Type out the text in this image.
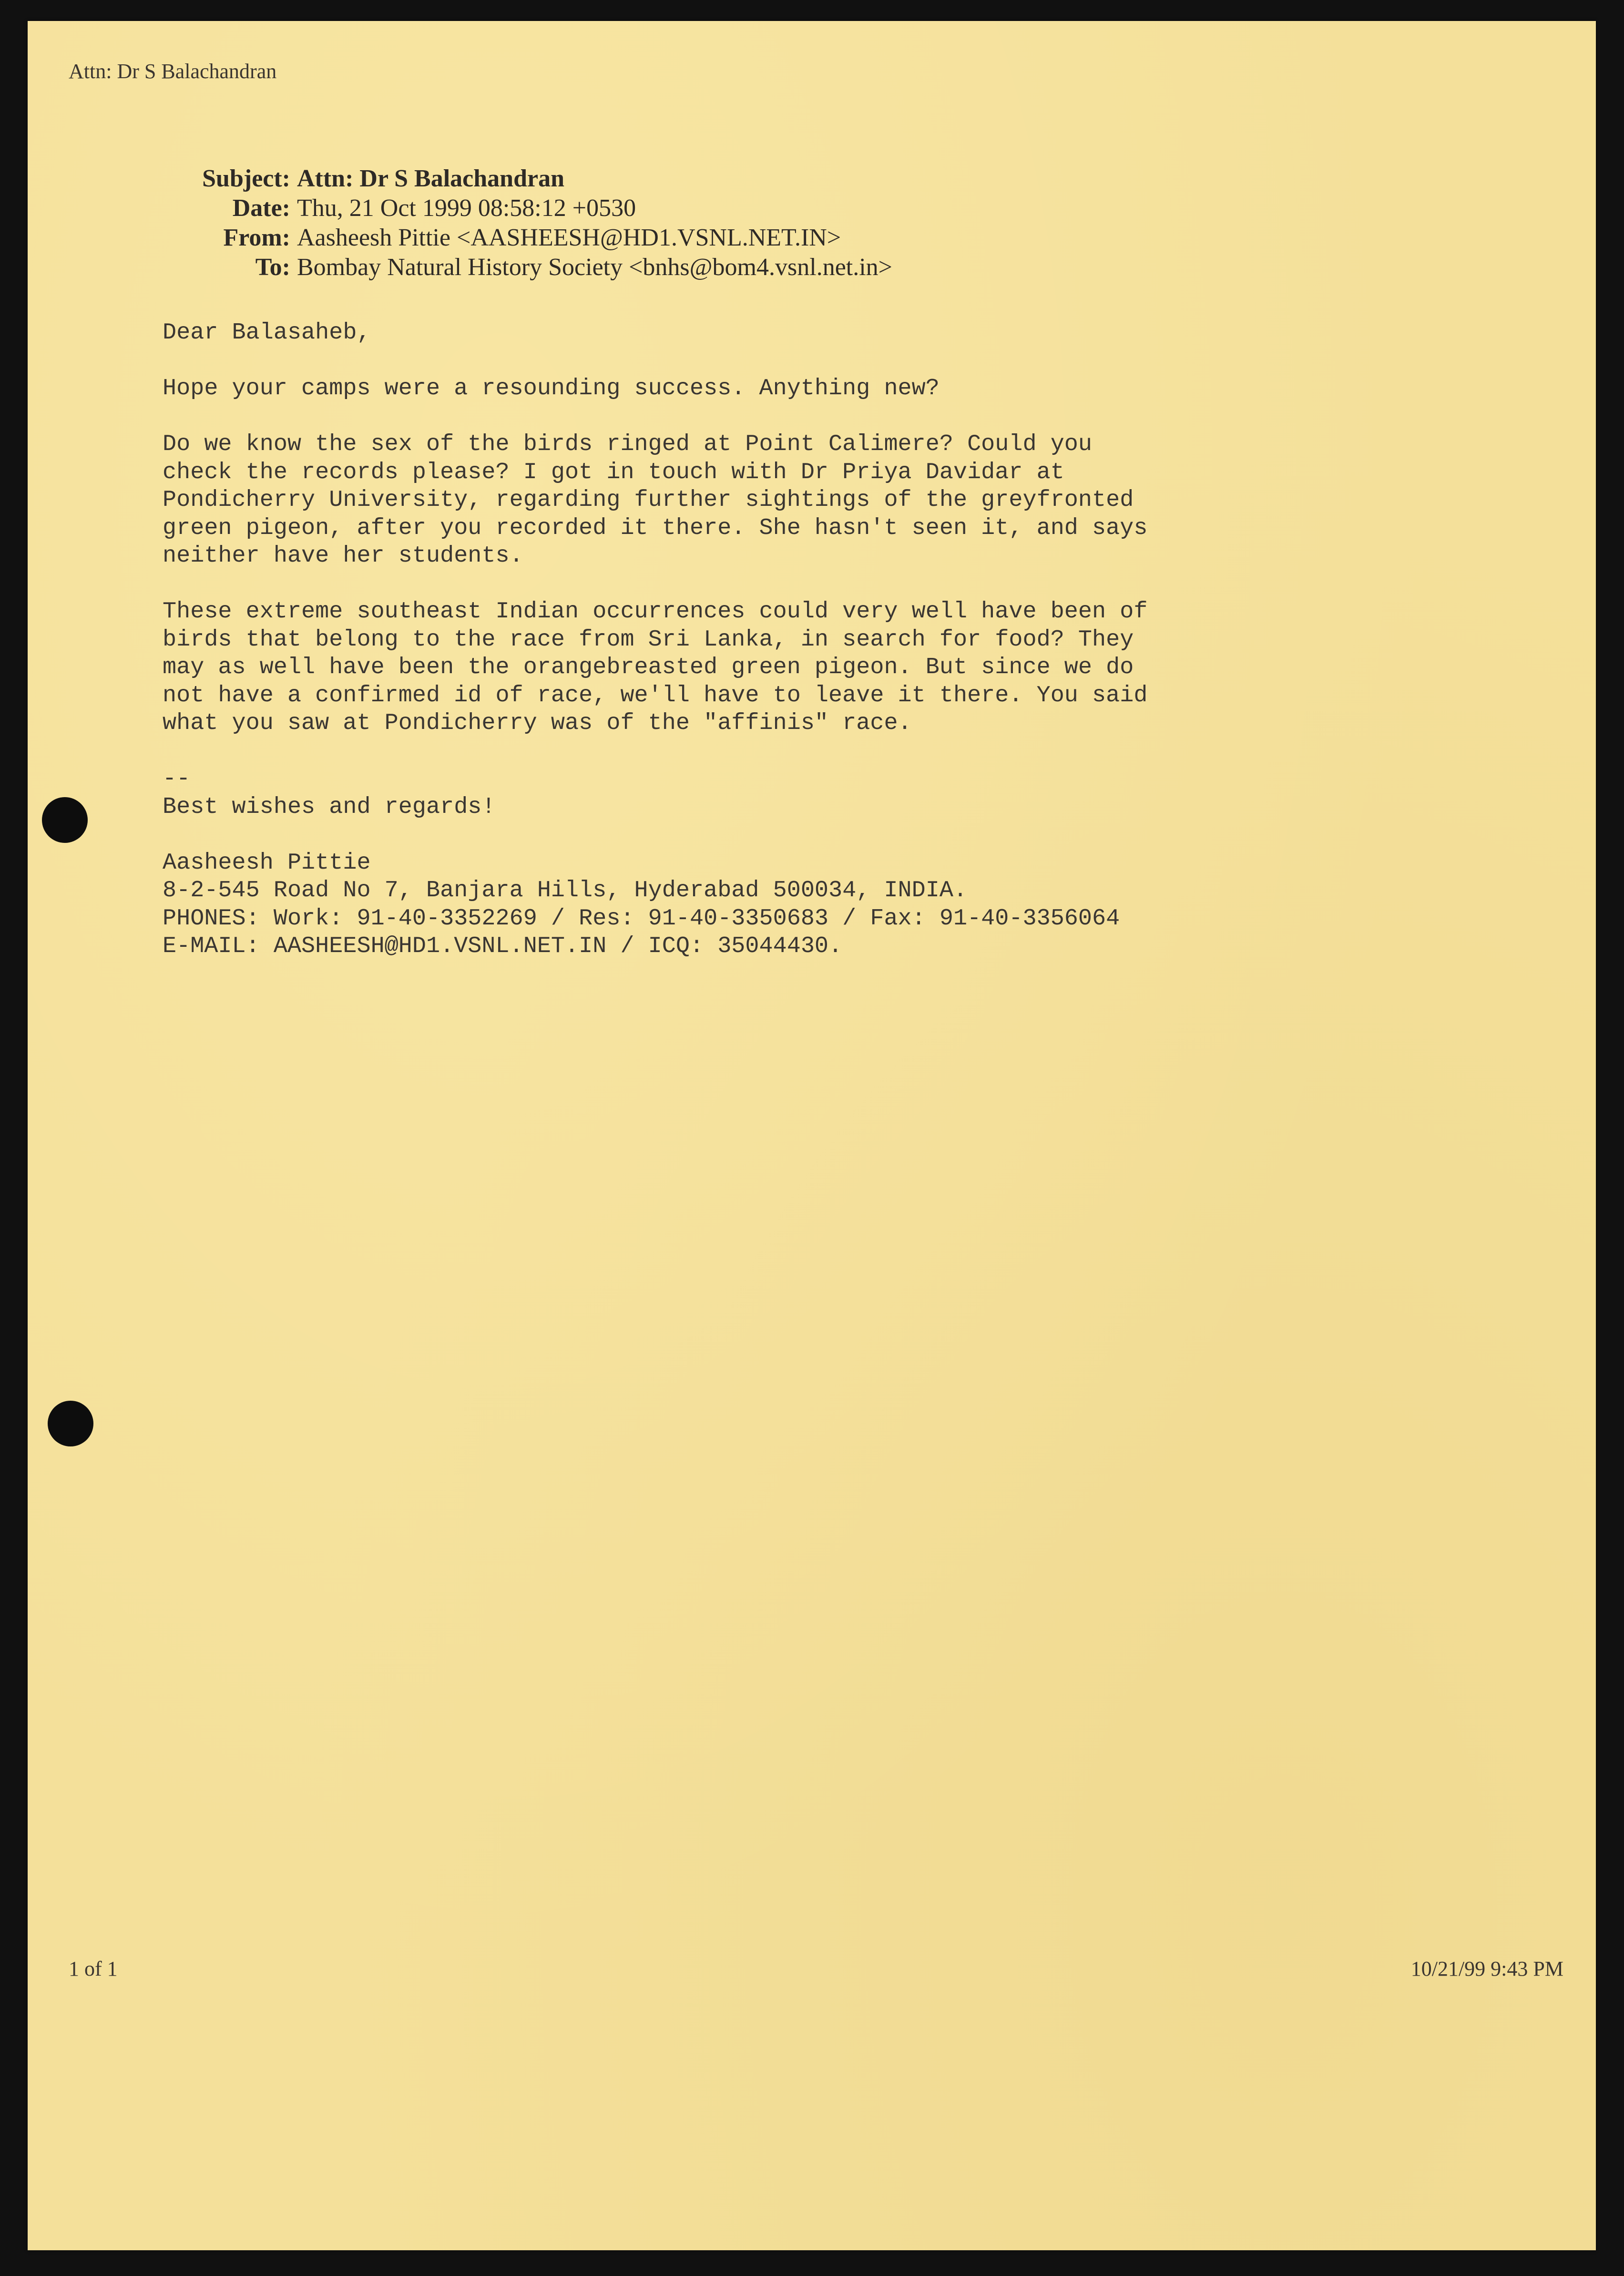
Attn: Dr S Balachandran
Subject: Attn: Dr S Balachandran
Date: Thu, 21 Oct 1999 08:58:12 +0530
From: Aasheesh Pittie <AASHEESH@HD1.VSNL.NET.IN>
To: Bombay Natural History Society <bnhs@bom4.vsnl.net.in>
Dear Balasaheb,
Hope your camps were a resounding success. Anything new?
Do we know the sex of the birds ringed at Point Calimere? Could you
check the records please? I got in touch with Dr Priya Davidar at
Pondicherry University, regarding further sightings of the greyfronted
green pigeon, after you recorded it there. She hasn't seen it, and says
neither have her students.
These extreme southeast Indian occurrences could very well have been of
birds that belong to the race from Sri Lanka, in search for food? They
may as well have been the orangebreasted green pigeon. But since we do
not have a confirmed id of race, we'll have to leave it there. You said
what you saw at Pondicherry was of the "affinis" race.
--
Best wishes and regards!
Aasheesh Pittie
8-2-545 Road No 7, Banjara Hills, Hyderabad 500034, INDIA.
PHONES: Work: 91-40-3352269 / Res: 91-40-3350683 / Fax: 91-40-3356064
E-MAIL: AASHEESH@HD1.VSNL.NET.IN / ICQ: 35044430.
1 of 1	10/21/99 9:43 PM
